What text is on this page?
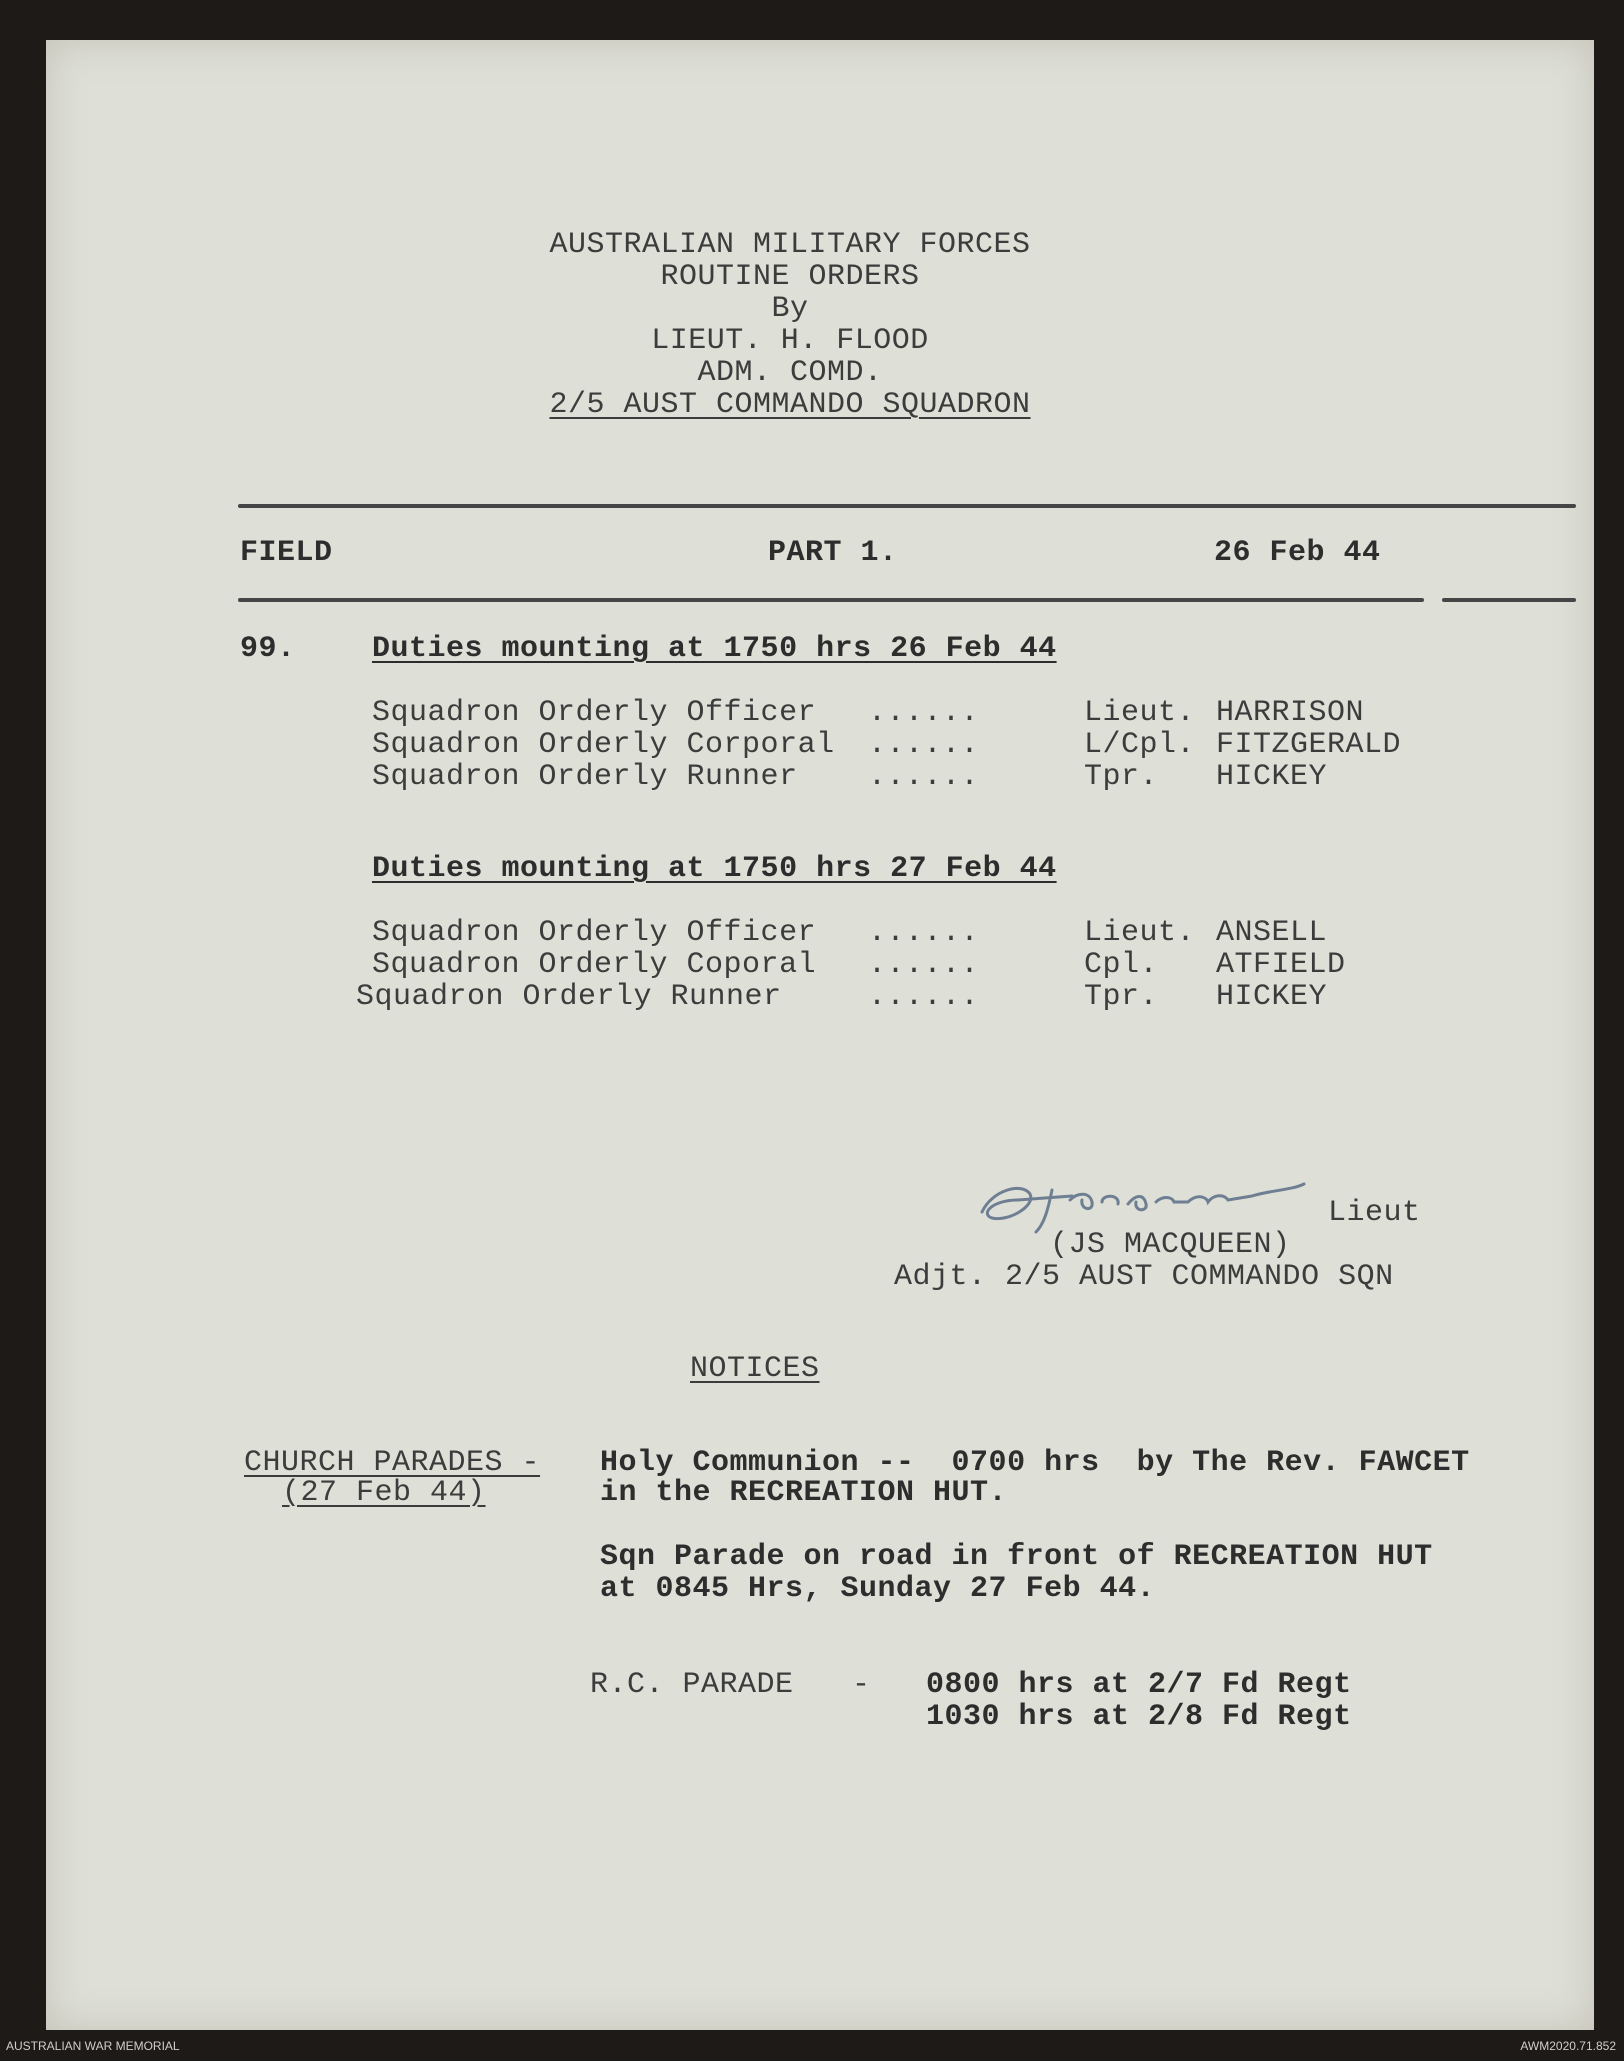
AUSTRALIAN MILITARY FORCES
ROUTINE ORDERS
By
LIEUT. H. FLOOD
ADM. COMD.
2/5 AUST COMMANDO SQUADRON
FIELD	PART 1.	26 Feb 44
99.	Duties mounting at 1750 hrs 26 Feb 44
Squadron Orderly Officer ......	Lieut. HARRISON
Squadron Orderly Corporal ......	L/Cpl. FITZGERALD
Squadron Orderly Runner ......	Tpr. HICKEY
Duties mounting at 1750 hrs 27 Feb 44
Squadron Orderly Officer ......	Lieut. ANSELL
Squadron Orderly Coporal ......	Cpl. ATFIELD
Squadron Orderly Runner	......	Tpr. HICKEY
Lieut
(JS MACQUEEN)
Adjt. 2/5 AUST COMMANDO SQN
NOTICES
CHURCH PARADES -
(27 Feb 44)
Holy Communion --  0700 hrs  by The Rev. FAWCET
in the RECREATION HUT.
Sqn Parade on road in front of RECREATION HUT
at 0845 Hrs, Sunday 27 Feb 44.
R.C. PARADE - 0800 hrs at 2/7 Fd Regt
1030 hrs at 2/8 Fd Regt
AUSTRALIAN WAR MEMORIAL	AWM2020.71.852
